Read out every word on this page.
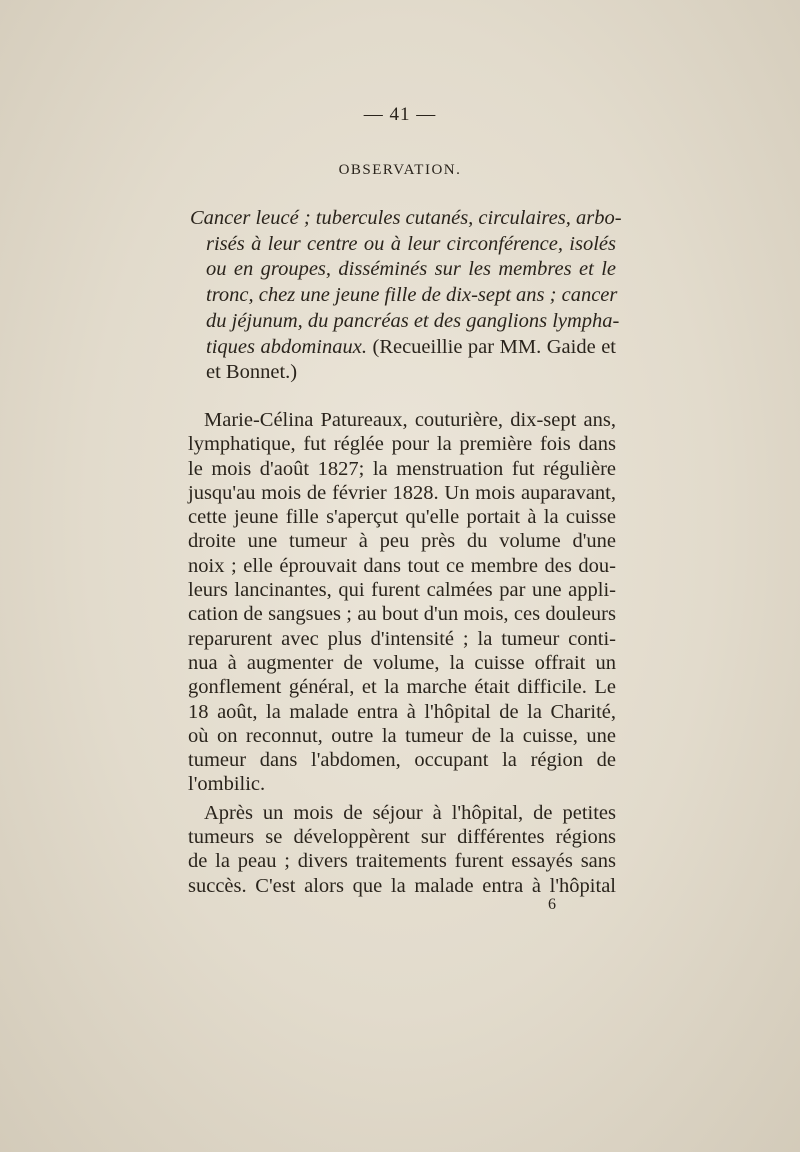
— 41 —
OBSERVATION.
Cancer leucé ; tubercules cutanés, circulaires, arbo-
risés à leur centre ou à leur circonférence, isolés
ou en groupes, disséminés sur les membres et le
tronc, chez une jeune fille de dix-sept ans ; cancer
du jéjunum, du pancréas et des ganglions lympha-
tiques abdominaux. (Recueillie par MM. Gaide et
et Bonnet.)
Marie-Célina Patureaux, couturière, dix-sept ans,
lymphatique, fut réglée pour la première fois dans
le mois d'août 1827; la menstruation fut régulière
jusqu'au mois de février 1828. Un mois auparavant,
cette jeune fille s'aperçut qu'elle portait à la cuisse
droite une tumeur à peu près du volume d'une
noix ; elle éprouvait dans tout ce membre des dou-
leurs lancinantes, qui furent calmées par une appli-
cation de sangsues ; au bout d'un mois, ces douleurs
reparurent avec plus d'intensité ; la tumeur conti-
nua à augmenter de volume, la cuisse offrait un
gonflement général, et la marche était difficile. Le
18 août, la malade entra à l'hôpital de la Charité,
où on reconnut, outre la tumeur de la cuisse, une
tumeur dans l'abdomen, occupant la région de
l'ombilic.
Après un mois de séjour à l'hôpital, de petites
tumeurs se développèrent sur différentes régions
de la peau ; divers traitements furent essayés sans
succès. C'est alors que la malade entra à l'hôpital
6
